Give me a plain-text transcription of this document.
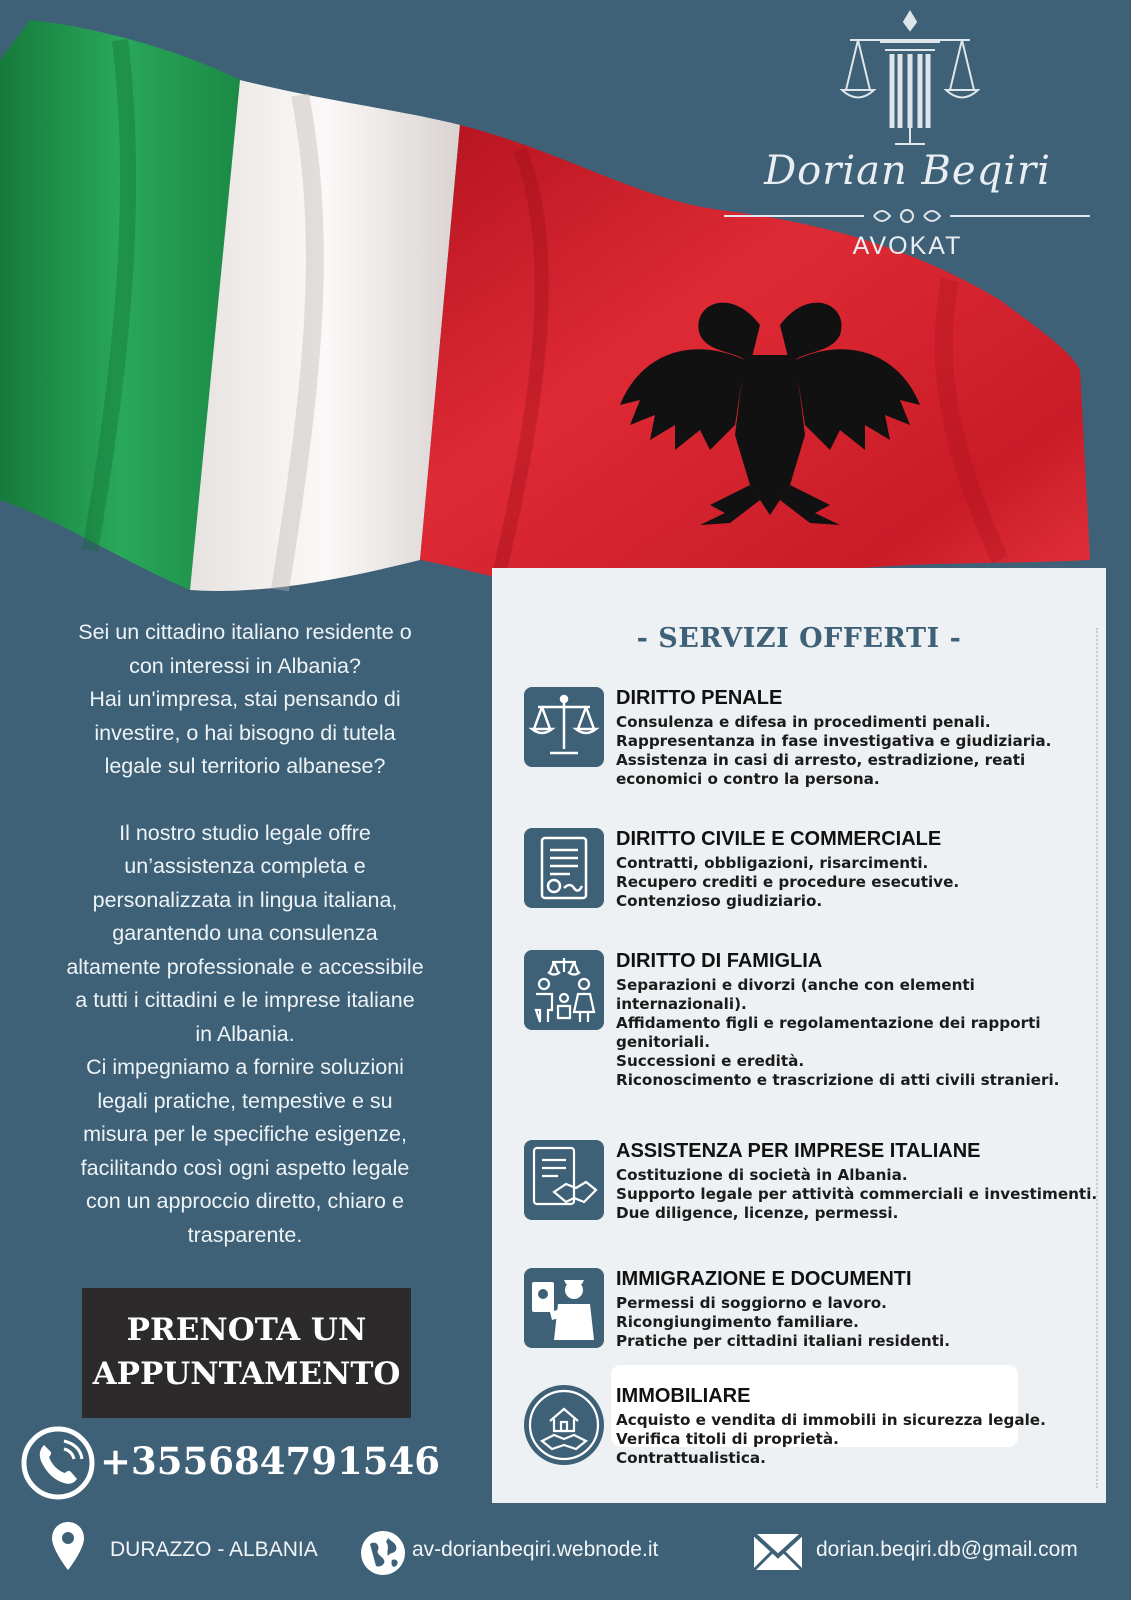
Dorian Beqiri
AVOKAT

Sei un cittadino italiano residente o
con interessi in Albania?
Hai un'impresa, stai pensando di
investire, o hai bisogno di tutela
legale sul territorio albanese?

Il nostro studio legale offre
un’assistenza completa e
personalizzata in lingua italiana,
garantendo una consulenza
altamente professionale e accessibile
a tutti i cittadini e le imprese italiane
in Albania.
Ci impegniamo a fornire soluzioni
legali pratiche, tempestive e su
misura per le specifiche esigenze,
facilitando così ogni aspetto legale
con un approccio diretto, chiaro e
trasparente.

PRENOTA UN
APPUNTAMENTO
+355684791546
- SERVIZI OFFERTI -
DIRITTO PENALE
Consulenza e difesa in procedimenti penali.
Rappresentanza in fase investigativa e giudiziaria.
Assistenza in casi di arresto, estradizione, reati economici o contro la persona.
DIRITTO CIVILE E COMMERCIALE
Contratti, obbligazioni, risarcimenti.
Recupero crediti e procedure esecutive.
Contenzioso giudiziario.
DIRITTO DI FAMIGLIA
Separazioni e divorzi (anche con elementi internazionali).
Affidamento figli e regolamentazione dei rapporti genitoriali.
Successioni e eredità.
Riconoscimento e trascrizione di atti civili stranieri.
ASSISTENZA PER IMPRESE ITALIANE
Costituzione di società in Albania.
Supporto legale per attività commerciali e investimenti.
Due diligence, licenze, permessi.
IMMIGRAZIONE E DOCUMENTI
Permessi di soggiorno e lavoro.
Ricongiungimento familiare.
Pratiche per cittadini italiani residenti.
IMMOBILIARE
Acquisto e vendita di immobili in sicurezza legale.
Verifica titoli di proprietà.
Contrattualistica.
DURAZZO - ALBANIA	av-dorianbeqiri.webnode.it	dorian.beqiri.db@gmail.com
